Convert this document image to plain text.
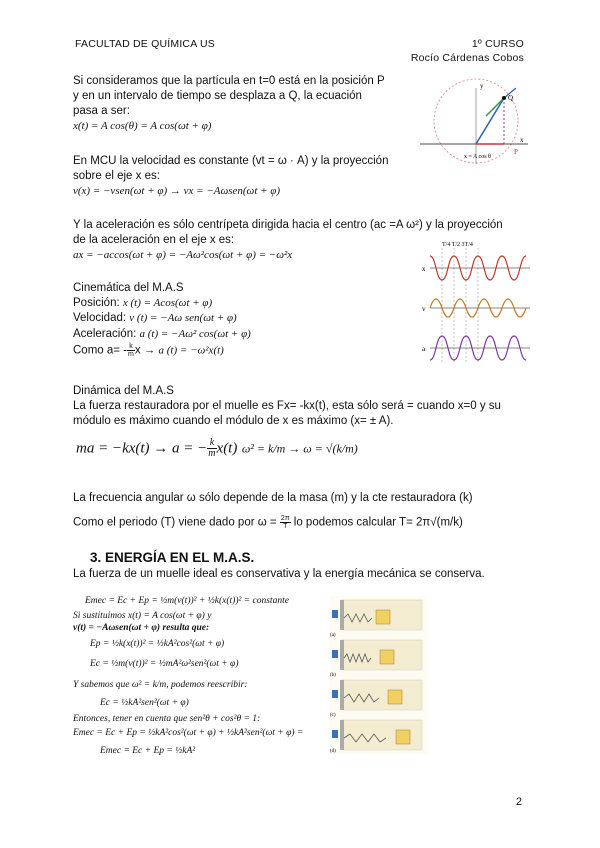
FACULTAD DE QUÍMICA US	1º CURSO
Rocío Cárdenas Cobos
Si consideramos que la partícula en t=0 está en la posición P
y en un intervalo de tiempo se desplaza a Q, la ecuación
pasa a ser:
x(t) = A cos(θ) = A cos(ωt + φ)
Q
y
x
P
x = A cos θ
En MCU la velocidad es constante (vt = ω · A) y la proyección
sobre el eje x es:
v(x) = −vsen(ωt + φ) → vx = −Aωsen(ωt + φ)
Y la aceleración es sólo centrípeta dirigida hacia el centro (ac =A ω²) y la proyección
de la aceleración en el eje x es:
ax = −accos(ωt + φ) = −Aω²cos(ωt + φ) = −ω²x
T/4 T/2 3T/4
x
v
a
Cinemática del M.A.S
Posición: x (t) = Acos(ωt + φ)
Velocidad: v (t) = −Aω sen(ωt + φ)
Aceleración: a (t) = −Aω² cos(ωt + φ)
Como $a= - \frac{k}{m}$ x → a (t) = −ω²x(t)
Dinámica del M.A.S
La fuerza restauradora por el muelle es Fx= -kx(t), esta sólo será = cuando x=0 y su
módulo es máximo cuando el módulo de x es máximo (x= ± A).
ma = −kx(t) → a = − $\frac{k}{m} x(t) \omega^2 = k/m \to \omega = √(k/m)$
La frecuencia angular ω sólo depende de la masa (m) y la cte restauradora (k)
Como el periodo (T) viene dado por $\omega = \frac{2\pi}{T}$ lo podemos calcular T= 2π√(m/k)
3. ENERGÍA EN EL M.A.S.
La fuerza de un muelle ideal es conservativa y la energía mecánica se conserva.
Emec = Ec + Ep = ½m(v(t))² + ½k(x(t))² = constante
Si sustituimos x(t) = A cos(ωt + φ) y
v(t) = −Aωsen(ωt + φ) resulta que:
Ep = ½k(x(t))² = ½kA²cos²(ωt + φ)
Ec = ½m(v(t))² = ½mA²ω²sen²(ωt + φ)
Y sabemos que ω² = k/m, podemos reescribir:
Ec = ½kA²sen²(ωt + φ)
Entonces, tener en cuenta que sen²θ + cos²θ = 1:
Emec = Ec + Ep = ½kA²cos²(ωt + φ) + ½kA²sen²(ωt + φ) =
Emec = Ec + Ep = ½kA²
(a)
(b)
(c)
(d)
2
